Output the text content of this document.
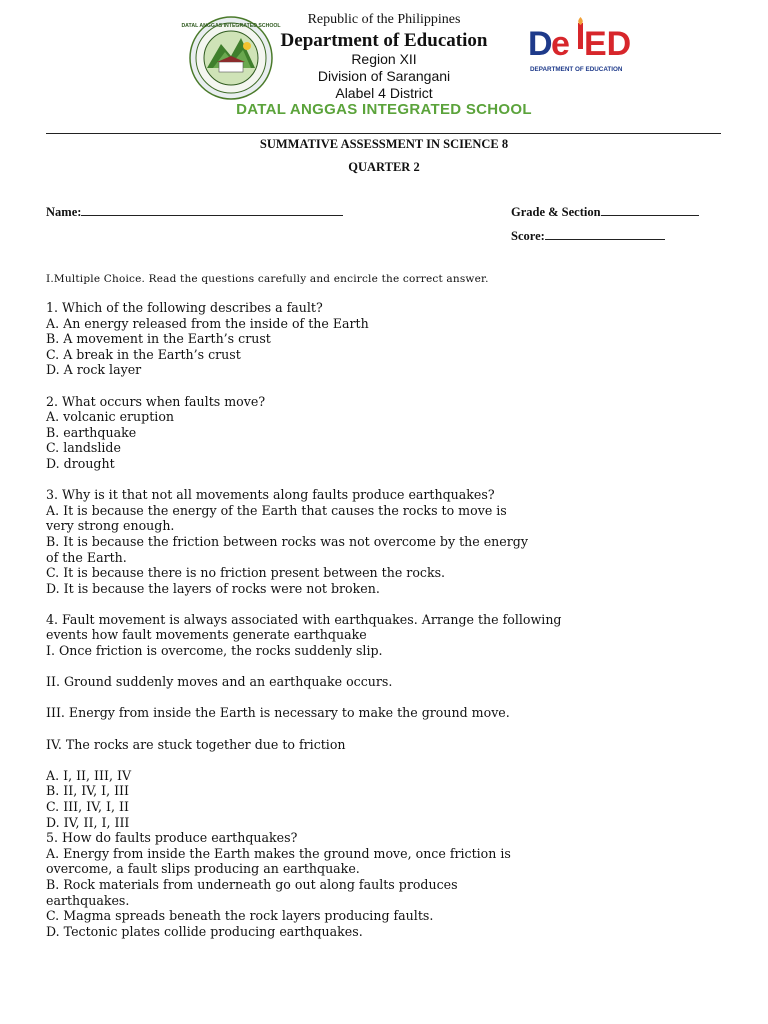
DATAL ANGGAS INTEGRATED SCHOOL	D
e ED
DEPARTMENT OF EDUCATION
Republic of the Philippines
Department of Education
Region XII
Division of Sarangani
Alabel 4 District
DATAL ANGGAS INTEGRATED SCHOOL
SUMMATIVE ASSESSMENT IN SCIENCE 8
QUARTER 2
Name:	Grade & Section
Score:
I.Multiple Choice. Read the questions carefully and encircle the correct answer.
1. Which of the following describes a fault?
A. An energy released from the inside of the Earth
B. A movement in the Earth’s crust
C. A break in the Earth’s crust
D. A rock layer
2. What occurs when faults move?
A. volcanic eruption
B. earthquake
C. landslide
D. drought
3. Why is it that not all movements along faults produce earthquakes?
A. It is because the energy of the Earth that causes the rocks to move is
very strong enough.
B. It is because the friction between rocks was not overcome by the energy
of the Earth.
C. It is because there is no friction present between the rocks.
D. It is because the layers of rocks were not broken.
4. Fault movement is always associated with earthquakes. Arrange the following
events how fault movements generate earthquake
I. Once friction is overcome, the rocks suddenly slip.
II. Ground suddenly moves and an earthquake occurs.
III. Energy from inside the Earth is necessary to make the ground move.
IV. The rocks are stuck together due to friction
A. I, II, III, IV
B. II, IV, I, III
C. III, IV, I, II
D. IV, II, I, III
5. How do faults produce earthquakes?
A. Energy from inside the Earth makes the ground move, once friction is
overcome, a fault slips producing an earthquake.
B. Rock materials from underneath go out along faults produces
earthquakes.
C. Magma spreads beneath the rock layers producing faults.
D. Tectonic plates collide producing earthquakes.
